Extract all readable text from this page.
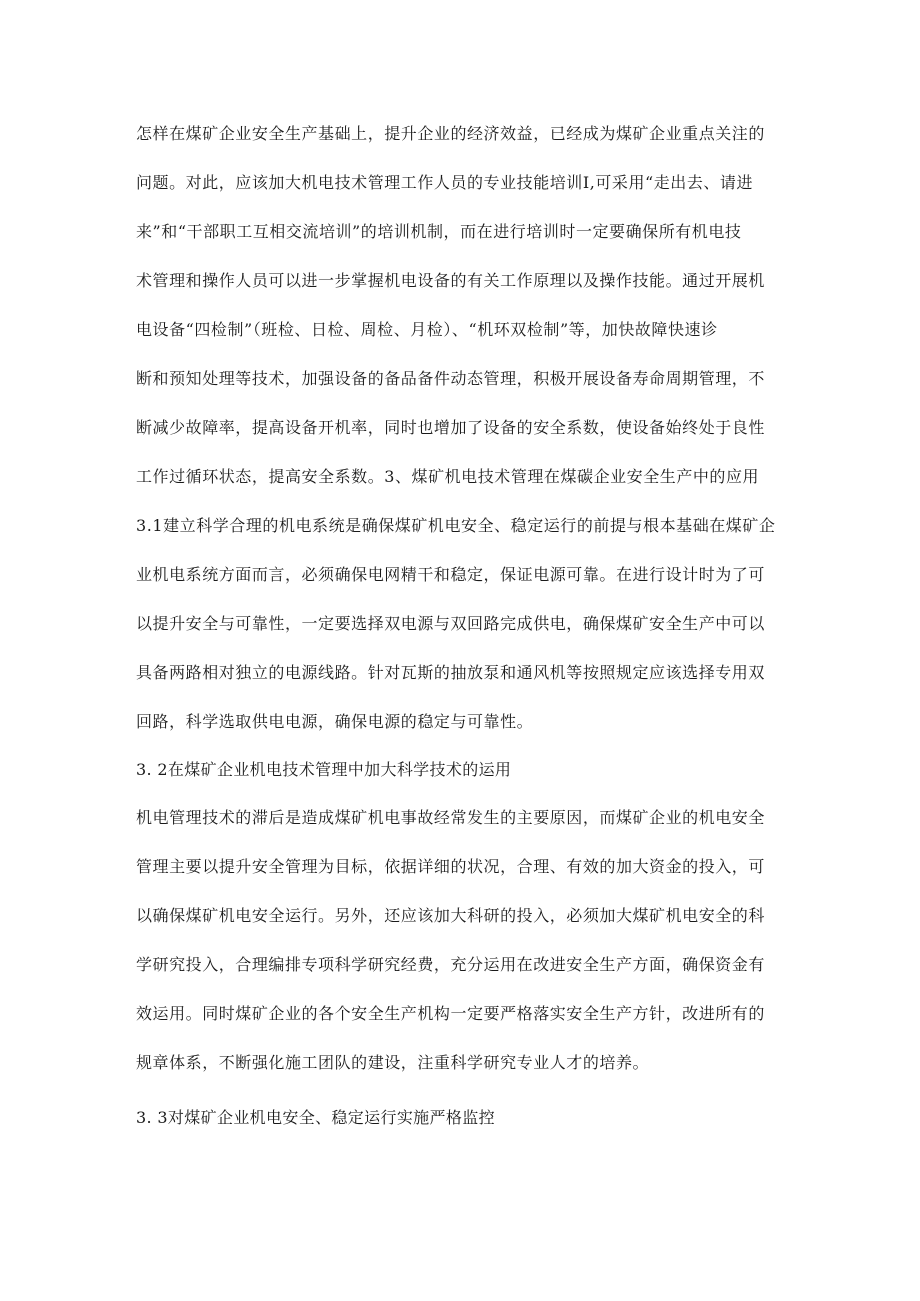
怎样在煤矿企业安全生产基础上，提升企业的经济效益，已经成为煤矿企业重点关注的

问题。对此，应该加大机电技术管理工作人员的专业技能培训I,可采用“走出去、请进

来”和“干部职工互相交流培训”的培训机制，而在进行培训时一定要确保所有机电技

术管理和操作人员可以进一步掌握机电设备的有关工作原理以及操作技能。通过开展机

电设备“四检制”（班检、日检、周检、月检）、“机环双检制”等，加快故障快速诊

断和预知处理等技术，加强设备的备品备件动态管理，积极开展设备寿命周期管理，不

断减少故障率，提高设备开机率，同时也增加了设备的安全系数，使设备始终处于良性

工作过循环状态，提高安全系数。3、煤矿机电技术管理在煤碳企业安全生产中的应用

3.1建立科学合理的机电系统是确保煤矿机电安全、稳定运行的前提与根本基础在煤矿企

业机电系统方面而言，必须确保电网精干和稳定，保证电源可靠。在进行设计时为了可

以提升安全与可靠性，一定要选择双电源与双回路完成供电，确保煤矿安全生产中可以

具备两路相对独立的电源线路。针对瓦斯的抽放泵和通风机等按照规定应该选择专用双

回路，科学选取供电电源，确保电源的稳定与可靠性。

3. 2在煤矿企业机电技术管理中加大科学技术的运用

机电管理技术的滞后是造成煤矿机电事故经常发生的主要原因，而煤矿企业的机电安全

管理主要以提升安全管理为目标，依据详细的状况，合理、有效的加大资金的投入，可

以确保煤矿机电安全运行。另外，还应该加大科研的投入，必须加大煤矿机电安全的科

学研究投入，合理编排专项科学研究经费，充分运用在改进安全生产方面，确保资金有

效运用。同时煤矿企业的各个安全生产机构一定要严格落实安全生产方针，改进所有的

规章体系，不断强化施工团队的建设，注重科学研究专业人才的培养。

3. 3对煤矿企业机电安全、稳定运行实施严格监控
